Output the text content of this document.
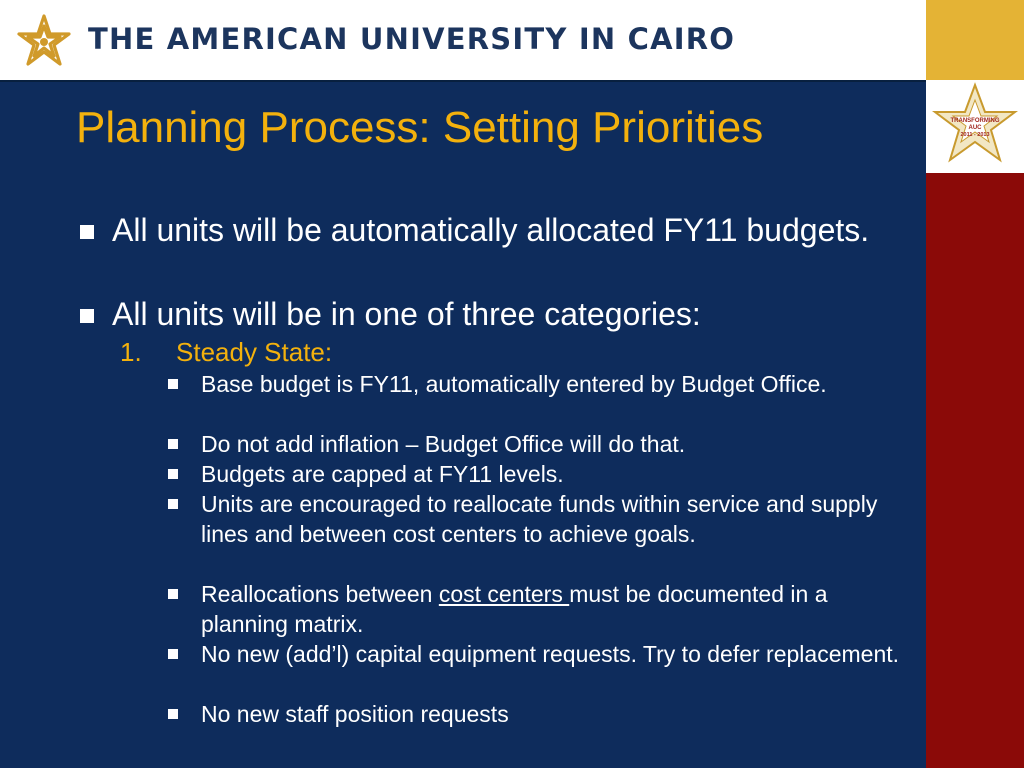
THE AMERICAN UNIVERSITY IN CAIRO
TRANSFORMING
AUC
2011 - 2013
Planning Process: Setting Priorities
All units will be automatically allocated FY11 budgets.
All units will be in one of three categories:
1. Steady State:
Base budget is FY11, automatically entered by Budget Office.
Do not add inflation – Budget Office will do that.
Budgets are capped at FY11 levels.
Units are encouraged to reallocate funds within service and supply lines and between cost centers to achieve goals.
Reallocations between cost centers must be documented in a planning matrix.
No new (add’l) capital equipment requests. Try to defer replacement.
No new staff position requests
